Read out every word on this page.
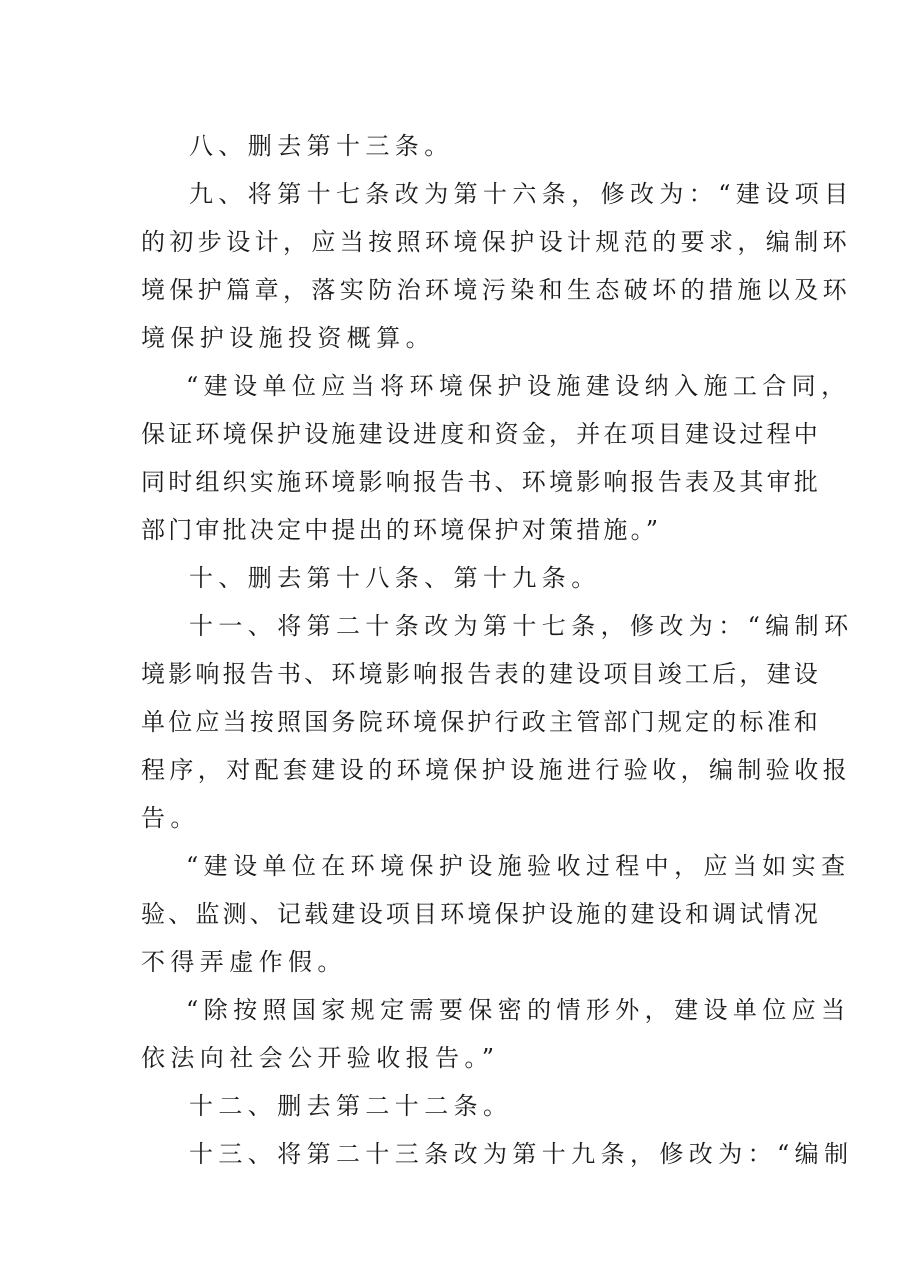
八、删去第十三条。
九、将第十七条改为第十六条，修改为：“建设项目
的初步设计，应当按照环境保护设计规范的要求，编制环
境保护篇章，落实防治环境污染和生态破坏的措施以及环
境保护设施投资概算。
“建设单位应当将环境保护设施建设纳入施工合同，
保证环境保护设施建设进度和资金，并在项目建设过程中
同时组织实施环境影响报告书、环境影响报告表及其审批
部门审批决定中提出的环境保护对策措施。”
十、删去第十八条、第十九条。
十一、将第二十条改为第十七条，修改为：“编制环
境影响报告书、环境影响报告表的建设项目竣工后，建设
单位应当按照国务院环境保护行政主管部门规定的标准和
程序，对配套建设的环境保护设施进行验收，编制验收报
告。
“建设单位在环境保护设施验收过程中，应当如实查
验、监测、记载建设项目环境保护设施的建设和调试情况
不得弄虚作假。
“除按照国家规定需要保密的情形外，建设单位应当
依法向社会公开验收报告。”
十二、删去第二十二条。
十三、将第二十三条改为第十九条，修改为：“编制
